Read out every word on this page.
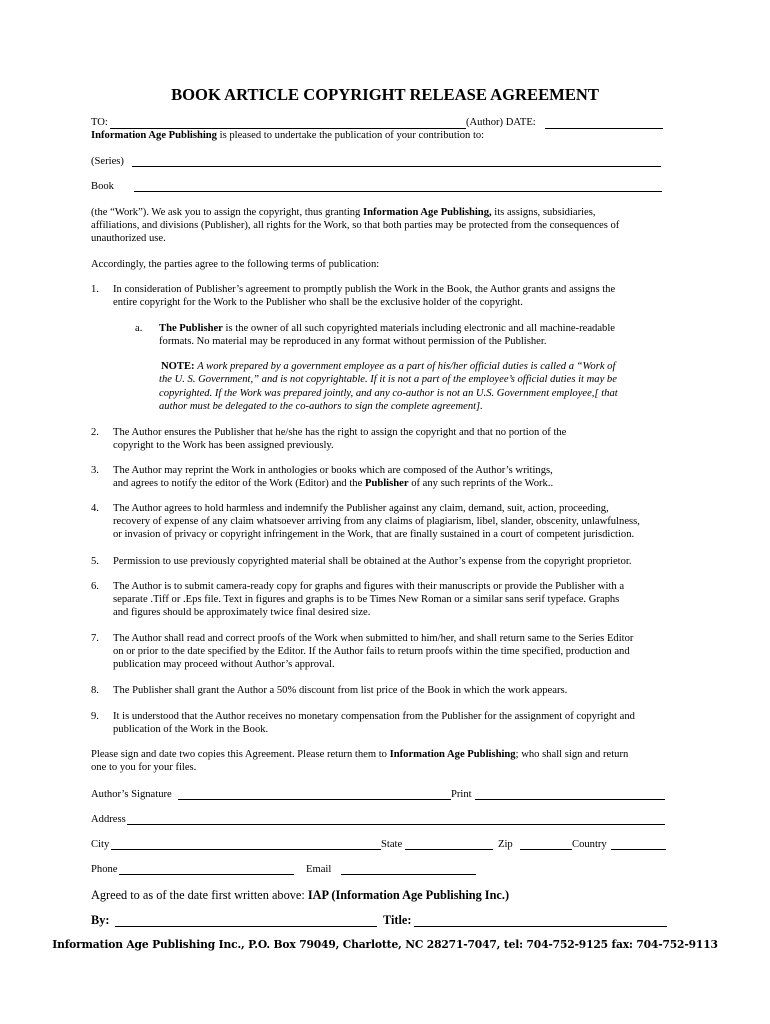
BOOK ARTICLE COPYRIGHT RELEASE AGREEMENT
TO:	(Author) DATE:
Information Age Publishing is pleased to undertake the publication of your contribution to:
(Series)
Book
(the “Work”). We ask you to assign the copyright, thus granting Information Age Publishing, its assigns, subsidiaries,
affiliations, and divisions (Publisher), all rights for the Work, so that both parties may be protected from the consequences of
unauthorized use.
Accordingly, the parties agree to the following terms of publication:
1. In consideration of Publisher’s agreement to promptly publish the Work in the Book, the Author grants and assigns the
entire copyright for the Work to the Publisher who shall be the exclusive holder of the copyright.
a. The Publisher is the owner of all such copyrighted materials including electronic and all machine-readable
formats. No material may be reproduced in any format without permission of the Publisher.
NOTE: A work prepared by a government employee as a part of his/her official duties is called a “Work of
the U. S. Government,” and is not copyrightable. If it is not a part of the employee’s official duties it may be
copyrighted. If the Work was prepared jointly, and any co-author is not an U.S. Government employee,[ that
author must be delegated to the co-authors to sign the complete agreement].
2. The Author ensures the Publisher that he/she has the right to assign the copyright and that no portion of the
copyright to the Work has been assigned previously.
3. The Author may reprint the Work in anthologies or books which are composed of the Author’s writings,
and agrees to notify the editor of the Work (Editor) and the Publisher of any such reprints of the Work..
4. The Author agrees to hold harmless and indemnify the Publisher against any claim, demand, suit, action, proceeding,
recovery of expense of any claim whatsoever arriving from any claims of plagiarism, libel, slander, obscenity, unlawfulness,
or invasion of privacy or copyright infringement in the Work, that are finally sustained in a court of competent jurisdiction.
5. Permission to use previously copyrighted material shall be obtained at the Author’s expense from the copyright proprietor.
6. The Author is to submit camera-ready copy for graphs and figures with their manuscripts or provide the Publisher with a
separate .Tiff or .Eps file. Text in figures and graphs is to be Times New Roman or a similar sans serif typeface. Graphs
and figures should be approximately twice final desired size.
7. The Author shall read and correct proofs of the Work when submitted to him/her, and shall return same to the Series Editor
on or prior to the date specified by the Editor. If the Author fails to return proofs within the time specified, production and
publication may proceed without Author’s approval.
8. The Publisher shall grant the Author a 50% discount from list price of the Book in which the work appears.
9. It is understood that the Author receives no monetary compensation from the Publisher for the assignment of copyright and
publication of the Work in the Book.
Please sign and date two copies this Agreement. Please return them to Information Age Publishing; who shall sign and return
one to you for your files.
Author’s Signature	Print
Address
City	State	Zip	Country
Phone	Email
Agreed to as of the date first written above: IAP (Information Age Publishing Inc.)
By:	Title:
Information Age Publishing Inc., P.O. Box 79049, Charlotte, NC 28271-7047, tel: 704-752-9125 fax: 704-752-9113
